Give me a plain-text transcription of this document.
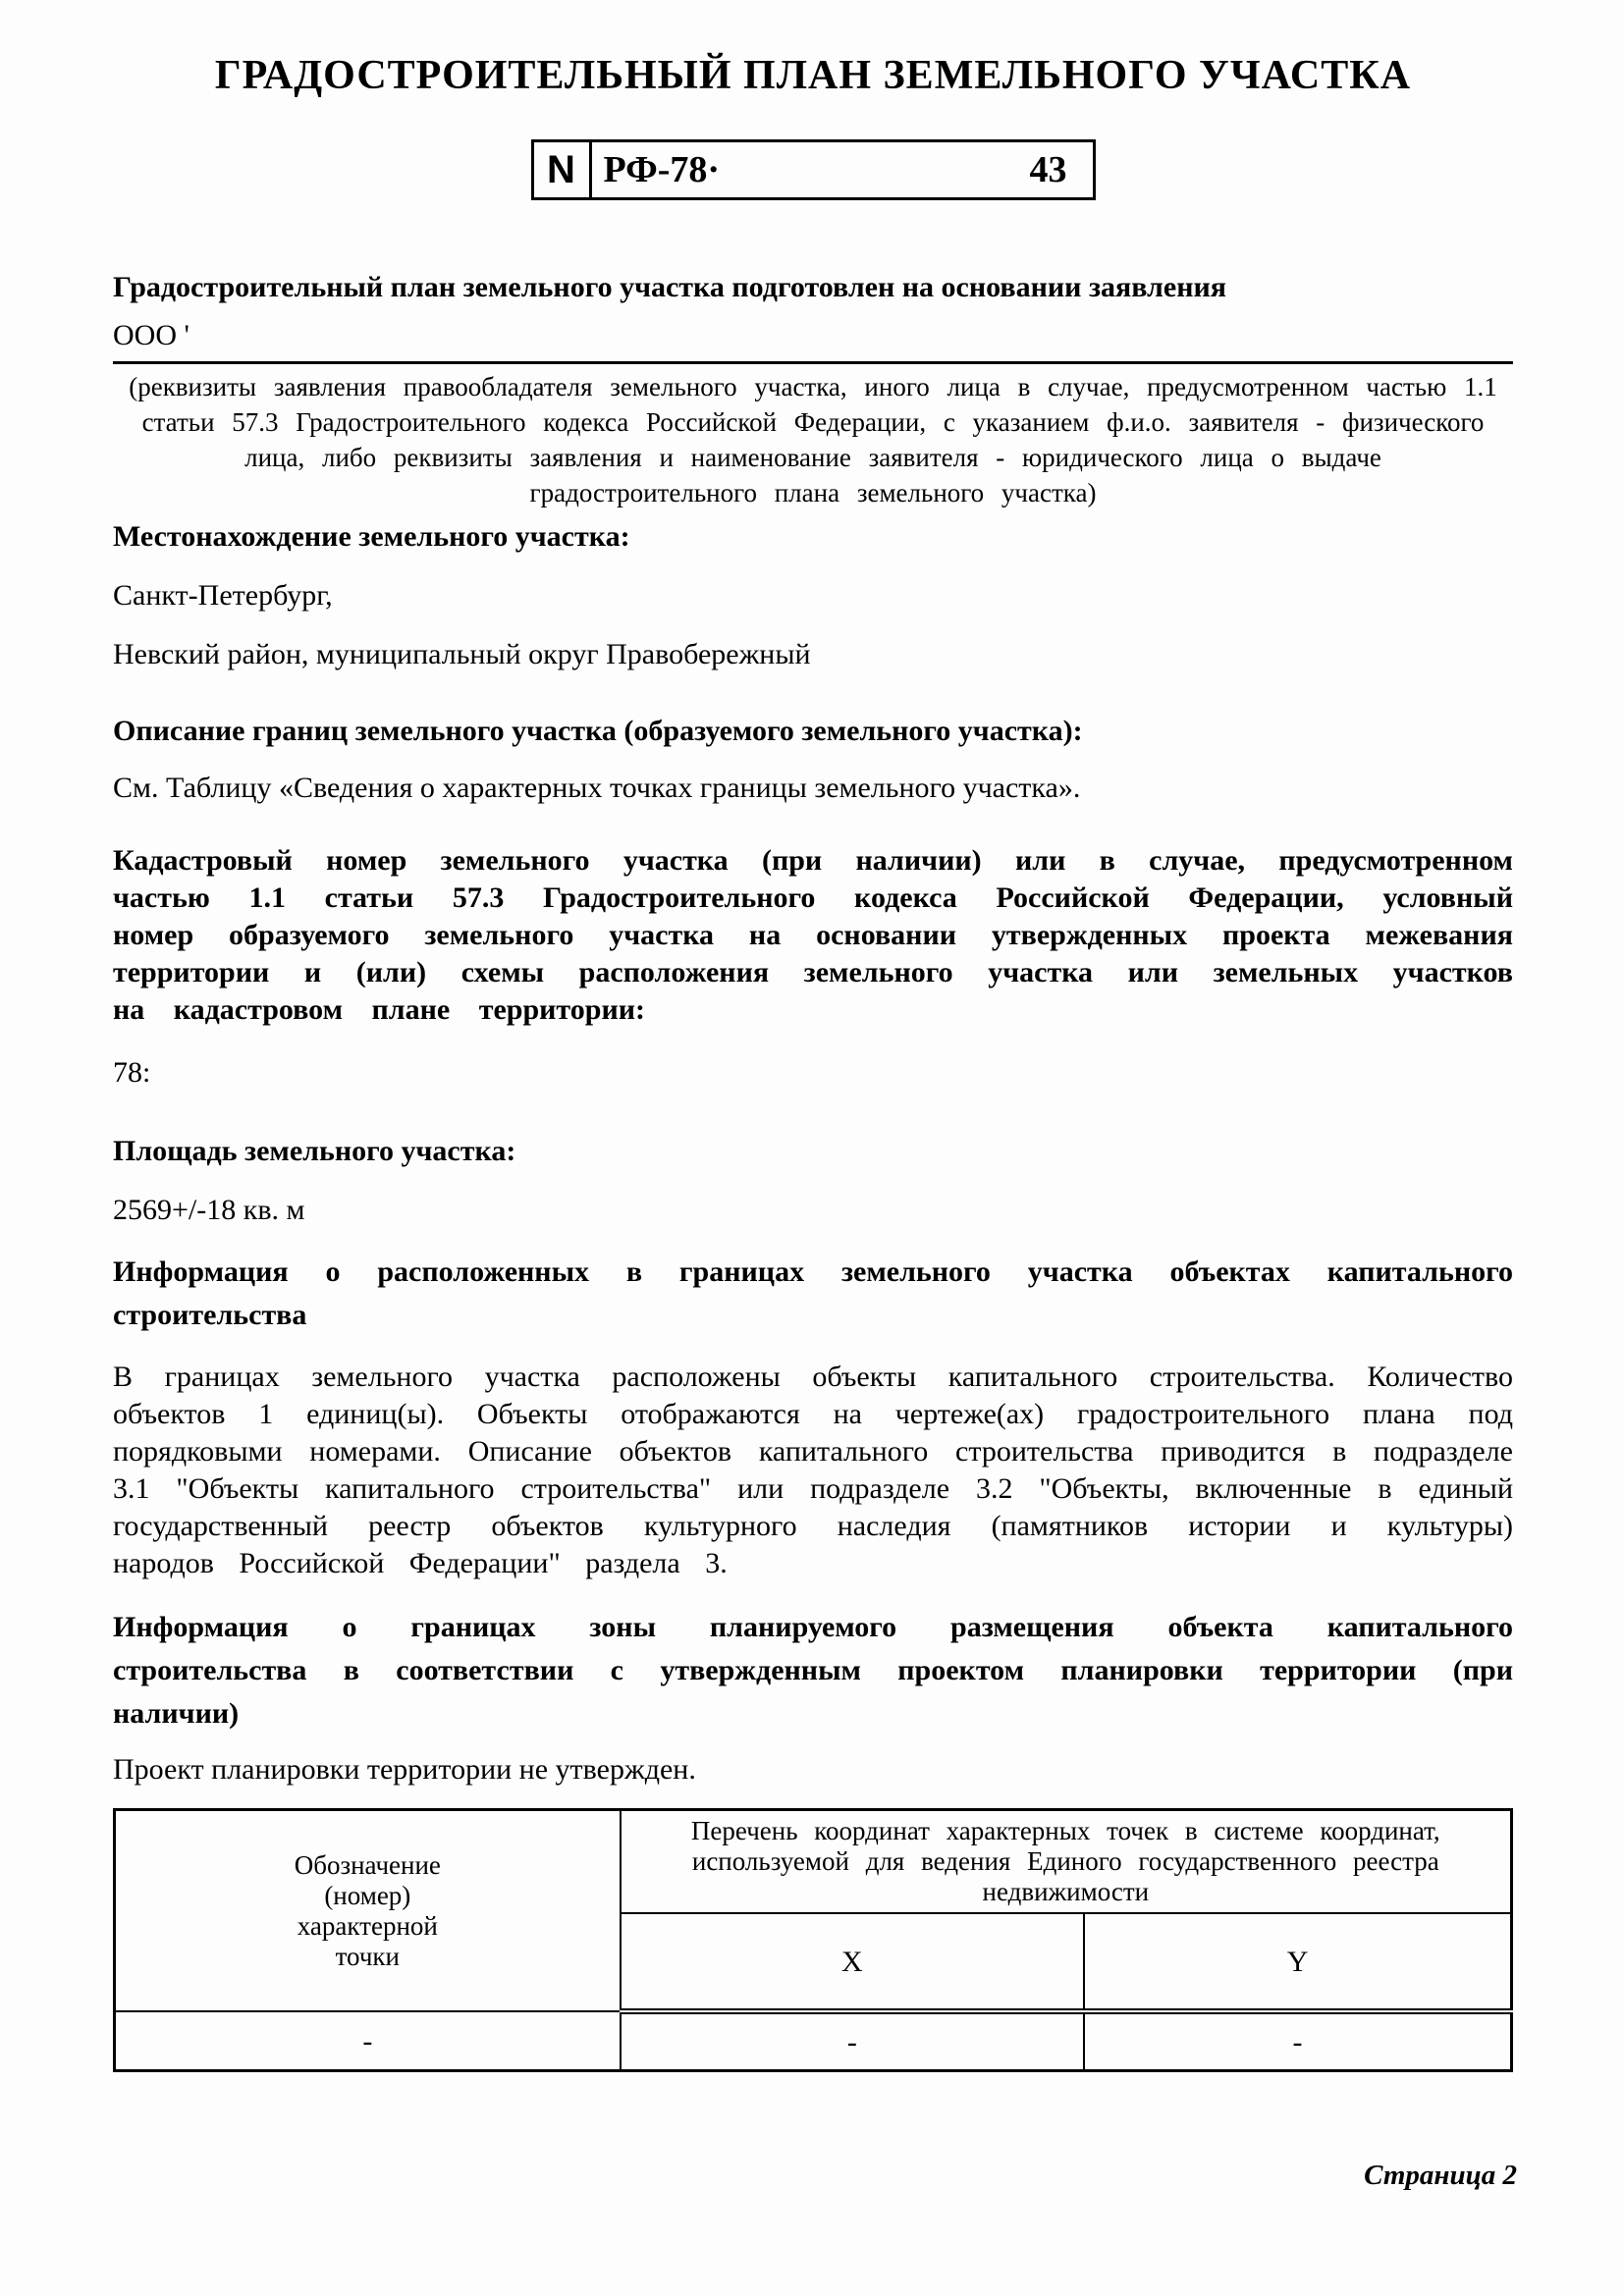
ГРАДОСТРОИТЕЛЬНЫЙ ПЛАН ЗЕМЕЛЬНОГО УЧАСТКА
N РФ-78·	43

Градостроительный план земельного участка подготовлен на основании заявления

ООО '
(реквизиты заявления правообладателя земельного участка, иного лица в случае, предусмотренном частью 1.1 статьи 57.3 Градостроительного кодекса Российской Федерации, с указанием ф.и.о. заявителя - физического лица, либо реквизиты заявления и наименование заявителя - юридического лица о выдаче градостроительного плана земельного участка)

Местонахождение земельного участка:

Санкт-Петербург,

Невский район, муниципальный округ Правобережный

Описание границ земельного участка (образуемого земельного участка):

См. Таблицу «Сведения о характерных точках границы земельного участка».

Кадастровый номер земельного участка (при наличии) или в случае, предусмотренном частью 1.1 статьи 57.3 Градостроительного кодекса Российской Федерации, условный номер образуемого земельного участка на основании утвержденных проекта межевания территории и (или) схемы расположения земельного участка или земельных участков на кадастровом плане территории:

78:

Площадь земельного участка:

2569+/-18 кв. м

Информация о расположенных в границах земельного участка объектах капитального строительства

В границах земельного участка расположены объекты капитального строительства. Количество объектов 1 единиц(ы). Объекты отображаются на чертеже(ах) градостроительного плана под порядковыми номерами. Описание объектов капитального строительства приводится в подразделе 3.1 "Объекты капитального строительства" или подразделе 3.2 "Объекты, включенные в единый государственный реестр объектов культурного наследия (памятников истории и культуры) народов Российской Федерации" раздела 3.

Информация о границах зоны планируемого размещения объекта капитального строительства в соответствии с утвержденным проектом планировки территории (при наличии)

Проект планировки территории не утвержден.

Обозначение (номер) характерной точки	Перечень координат характерных точек в системе координат, используемой для ведения Единого государственного реестра недвижимости	
	X	Y
-	-	-
Страница 2
